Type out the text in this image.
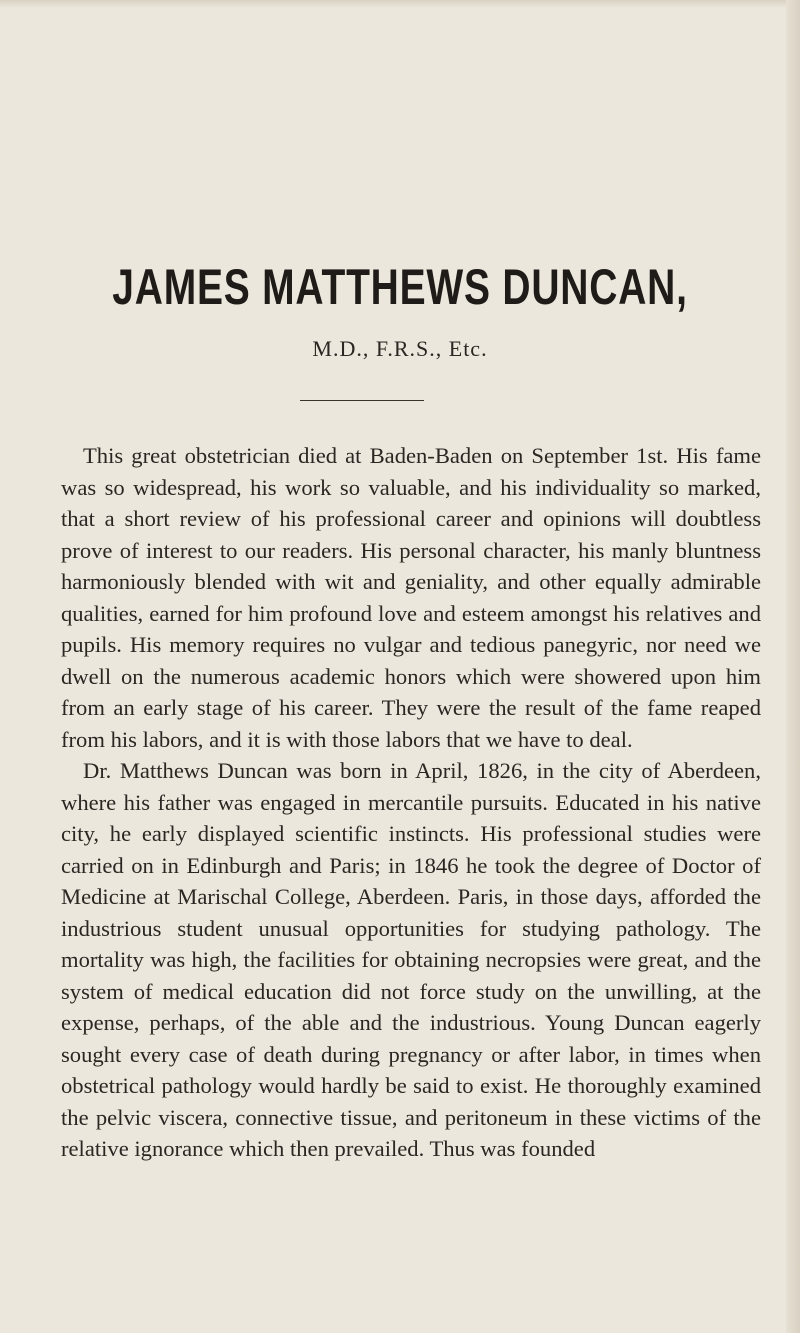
JAMES MATTHEWS DUNCAN,
M.D., F.R.S., Etc.

This great obstetrician died at Baden-Baden on September 1st. His fame was so widespread, his work so valuable, and his individuality so marked, that a short review of his professional career and opinions will doubtless prove of interest to our readers. His personal character, his manly bluntness harmoniously blended with wit and geniality, and other equally admirable qualities, earned for him profound love and esteem amongst his relatives and pupils. His memory requires no vulgar and tedious panegyric, nor need we dwell on the numerous academic honors which were showered upon him from an early stage of his career. They were the result of the fame reaped from his labors, and it is with those labors that we have to deal.

Dr. Matthews Duncan was born in April, 1826, in the city of Aberdeen, where his father was engaged in mercantile pursuits. Educated in his native city, he early displayed scientific instincts. His professional studies were carried on in Edinburgh and Paris; in 1846 he took the degree of Doctor of Medicine at Marischal College, Aberdeen. Paris, in those days, afforded the industrious student unusual opportunities for studying pathology. The mortality was high, the facilities for obtaining necropsies were great, and the system of medical education did not force study on the unwilling, at the expense, perhaps, of the able and the industrious. Young Duncan eagerly sought every case of death during pregnancy or after labor, in times when obstetrical pathology would hardly be said to exist. He thoroughly examined the pelvic viscera, connective tissue, and peritoneum in these victims of the relative ignorance which then prevailed. Thus was founded
